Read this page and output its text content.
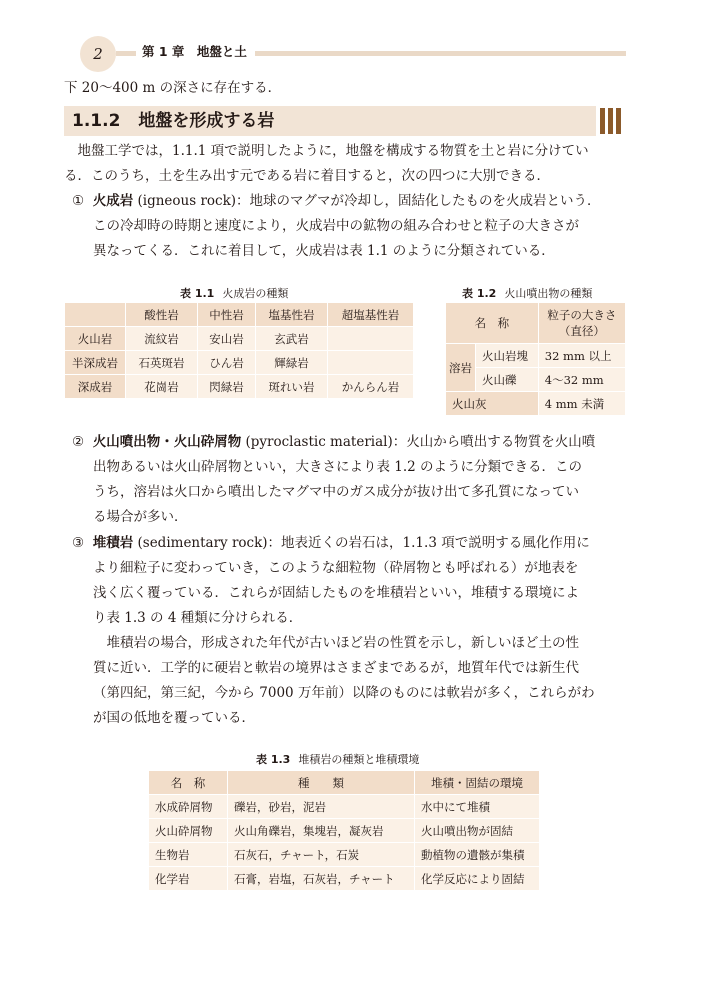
2	第 1 章　地盤と土
下 20〜400 m の深さに存在する．
1.1.2 地盤を形成する岩
地盤工学では，1.1.1 項で説明したように，地盤を構成する物質を土と岩に分けてい
る．このうち，土を生み出す元である岩に着目すると，次の四つに大別できる．
① 火成岩 (igneous rock)：地球のマグマが冷却し，固結化したものを火成岩という．
この冷却時の時期と速度により，火成岩中の鉱物の組み合わせと粒子の大きさが
異なってくる．これに着目して，火成岩は表 1.1 のように分類されている．
表 1.1 火成岩の種類
	酸性岩	中性岩	塩基性岩	超塩基性岩
火山岩	流紋岩	安山岩	玄武岩	
半深成岩	石英斑岩	ひん岩	輝緑岩	
深成岩	花崗岩	閃緑岩	斑れい岩	かんらん岩
表 1.2 火山噴出物の種類
名　称		粒子の大きさ
（直径）
溶岩	火山岩塊	32 mm 以上
	火山礫	4〜32 mm
火山灰		4 mm 未満
② 火山噴出物・火山砕屑物 (pyroclastic material)：火山から噴出する物質を火山噴
出物あるいは火山砕屑物といい，大きさにより表 1.2 のように分類できる．この
うち，溶岩は火口から噴出したマグマ中のガス成分が抜け出て多孔質になってい
る場合が多い．
③ 堆積岩 (sedimentary rock)：地表近くの岩石は，1.1.3 項で説明する風化作用に
より細粒子に変わっていき，このような細粒物（砕屑物とも呼ばれる）が地表を
浅く広く覆っている．これらが固結したものを堆積岩といい，堆積する環境によ
り表 1.3 の 4 種類に分けられる．
堆積岩の場合，形成された年代が古いほど岩の性質を示し，新しいほど土の性
質に近い．工学的に硬岩と軟岩の境界はさまざまであるが，地質年代では新生代
（第四紀，第三紀，今から 7000 万年前）以降のものには軟岩が多く，これらがわ
が国の低地を覆っている．
表 1.3 堆積岩の種類と堆積環境
名　称	種　　類	堆積・固結の環境
水成砕屑物	礫岩，砂岩，泥岩	水中にて堆積
火山砕屑物	火山角礫岩，集塊岩，凝灰岩	火山噴出物が固結
生物岩	石灰石，チャート，石炭	動植物の遺骸が集積
化学岩	石膏，岩塩，石灰岩，チャート	化学反応により固結
